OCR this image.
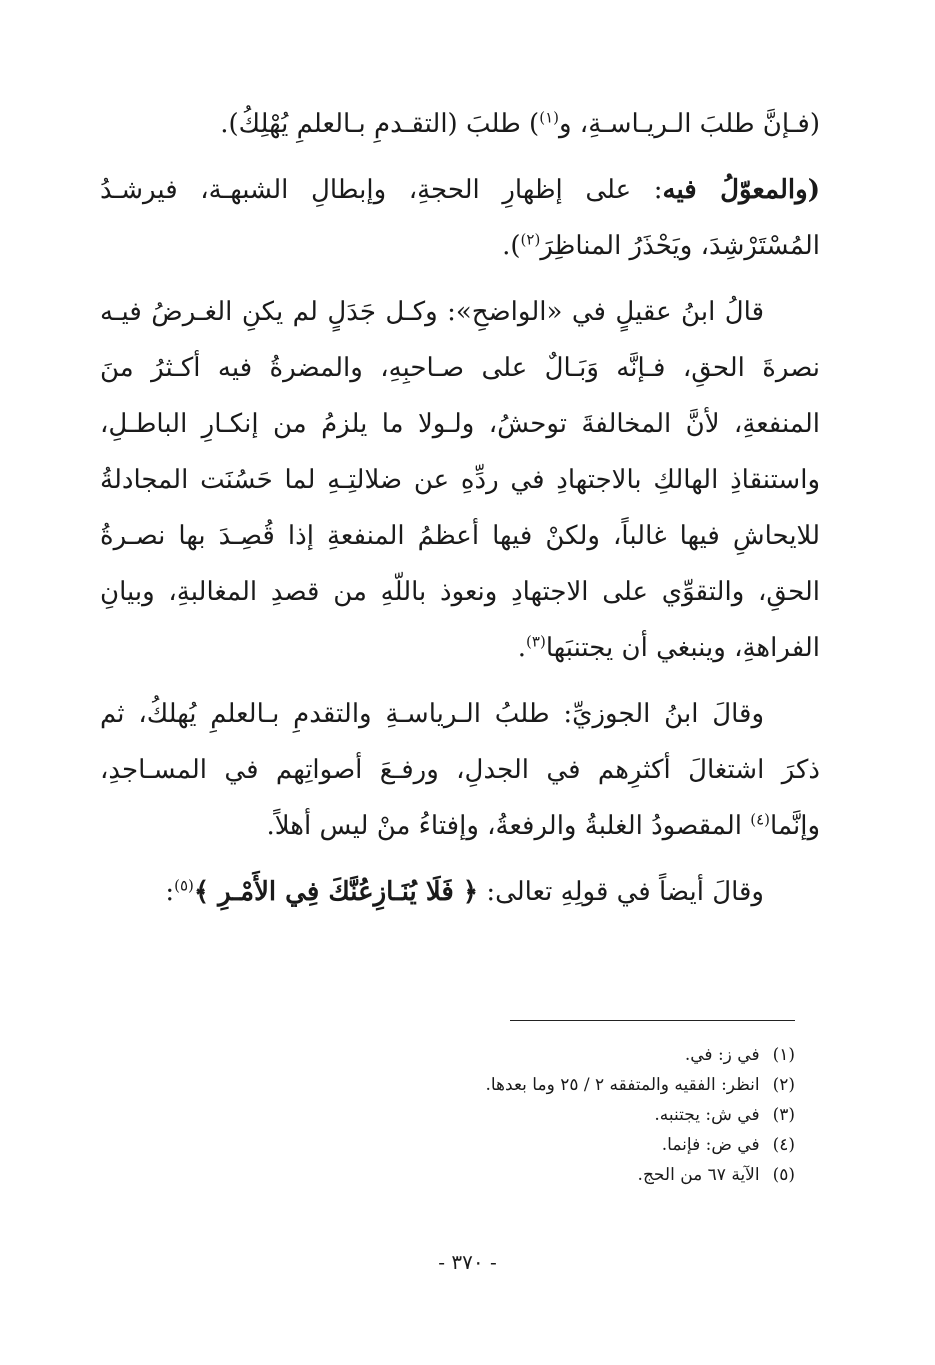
(فـإنَّ طلبَ الـريـاسـةِ، و$^{(١)}$) طلبَ (التقـدمِ بـالعلمِ يُهْلِكُ).

(والمعوّلُ فيه: على إظهارِ الحجةِ، وإبطالِ الشبهـة، فيرشـدُ المُسْتَرْشِدَ، ويَحْذَرُ المناظِرَ$^{(٢)}$).

قالُ ابنُ عقيلٍ في «الواضحِ»: وكـل جَدَلٍ لم يكنِ الغـرضُ فيـه نصرةَ الحقِ، فـإنَّه وَبَـالٌ على صـاحبِهِ، والمضرةُ فيه أكـثرُ منَ المنفعةِ، لأنَّ المخالفةَ توحشُ، ولـولا ما يلزمُ من إنكـارِ الباطـلِ، واستنقاذِ الهالكِ بالاجتهادِ في ردِّهِ عن ضلالتِـهِ لما حَسُنَت المجادلةُ للايحاشِ فيها غالباً، ولكنْ فيها أعظمُ المنفعةِ إذا قُصِـدَ بها نصـرةُ الحقِ، والتقوِّي على الاجتهادِ ونعوذ باللّهِ من قصدِ المغالبةِ، وبيانِ الفراهةِ، وينبغي أن يجتنبَها$^{(٣)}$.

وقالَ ابنُ الجوزيِّ: طلبُ الـرياسـةِ والتقدمِ بـالعلمِ يُهلكُ، ثم ذكرَ اشتغالَ أكثرِهم في الجدلِ، ورفـعَ أصواتِهم في المسـاجدِ، وإنَّما$^{(٤)}$ المقصودُ الغلبةُ والرفعةُ، وإفتاءُ منْ ليس أهلاً.

وقالَ أيضاً في قولِهِ تعالى: ﴿ فَلَا يُنَـازِعُنَّكَ فِي الأَمْـرِ ﴾$^{(٥)}$:

(١) في ز: في.
(٢) انظر: الفقيه والمتفقه ٢ / ٢٥ وما بعدها.
(٣) في ش: يجتنبه.
(٤) في ض: فإنما.
(٥) الآية ٦٧ من الحج.
- ٣٧٠ -
